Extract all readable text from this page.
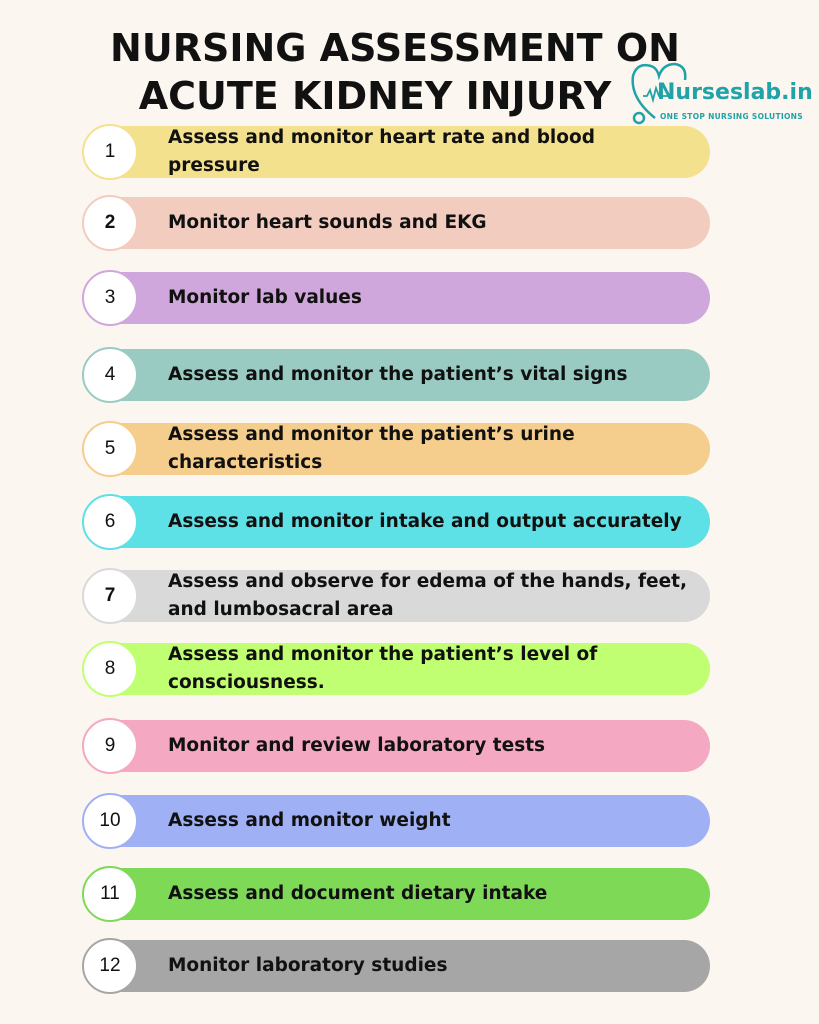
NURSING ASSESSMENT ON
ACUTE KIDNEY INJURY	Nurseslab.in
ONE STOP NURSING SOLUTIONS
1
Assess and monitor heart rate and blood pressure
2	Monitor heart sounds and EKG
3	Monitor lab values
4	Assess and monitor the patient’s vital signs
5
Assess and monitor the patient’s urine characteristics
6	Assess and monitor intake and output accurately
7
Assess and observe for edema of the hands, feet, and lumbosacral area
8
Assess and monitor the patient’s level of consciousness.
9	Monitor and review laboratory tests
10	Assess and monitor weight
11	Assess and document dietary intake
12	Monitor laboratory studies
